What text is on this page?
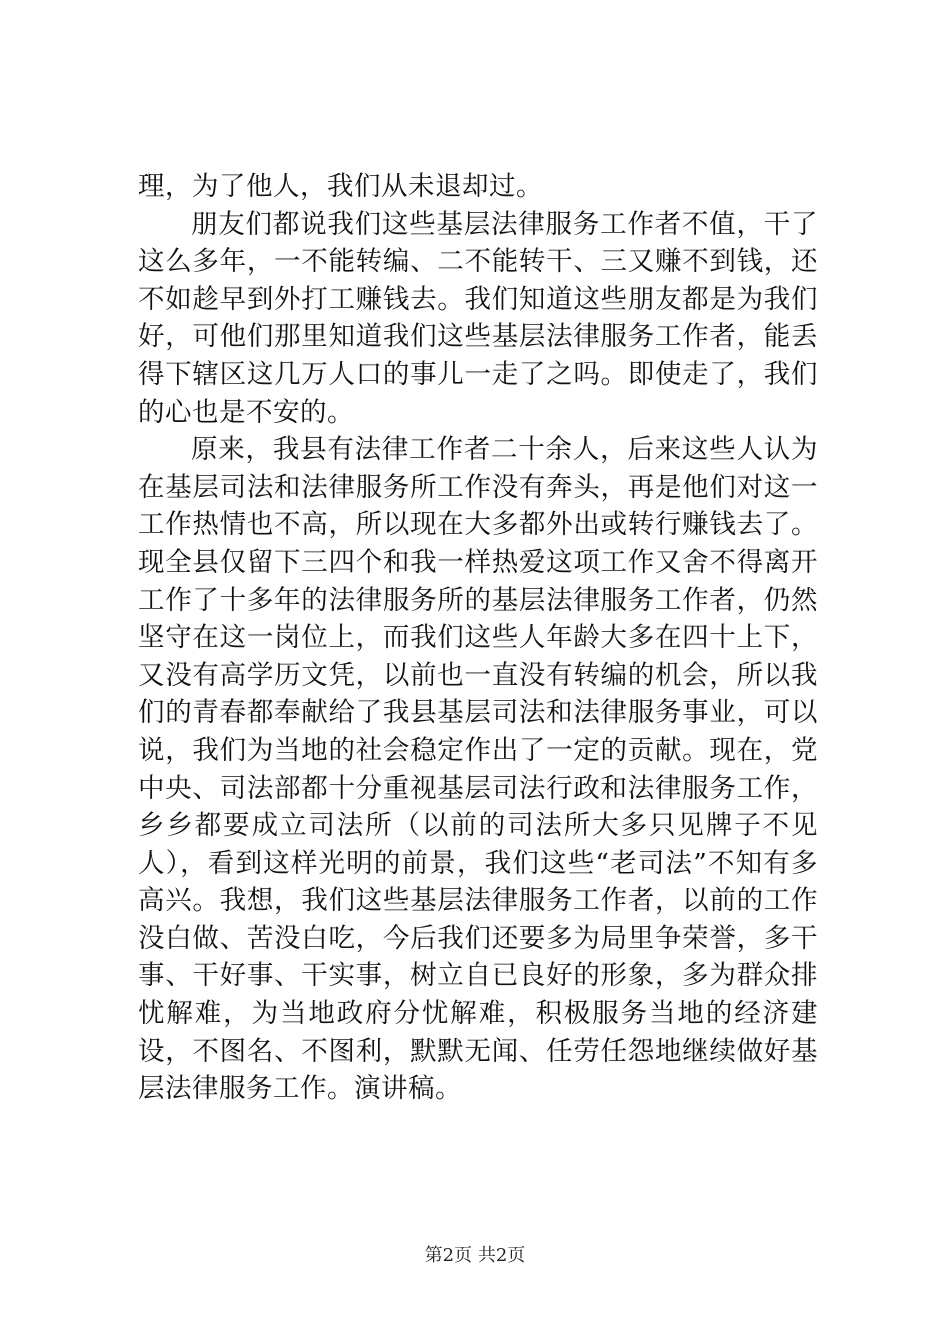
理，为了他人，我们从未退却过。

朋友们都说我们这些基层法律服务工作者不值，干了这么多年，一不能转编、二不能转干、三又赚不到钱，还不如趁早到外打工赚钱去。我们知道这些朋友都是为我们好，可他们那里知道我们这些基层法律服务工作者，能丢得下辖区这几万人口的事儿一走了之吗。即使走了，我们的心也是不安的。

原来，我县有法律工作者二十余人，后来这些人认为在基层司法和法律服务所工作没有奔头，再是他们对这一工作热情也不高，所以现在大多都外出或转行赚钱去了。现全县仅留下三四个和我一样热爱这项工作又舍不得离开工作了十多年的法律服务所的基层法律服务工作者，仍然坚守在这一岗位上，而我们这些人年龄大多在四十上下，又没有高学历文凭，以前也一直没有转编的机会，所以我们的青春都奉献给了我县基层司法和法律服务事业，可以说，我们为当地的社会稳定作出了一定的贡献。现在，党中央、司法部都十分重视基层司法行政和法律服务工作，乡乡都要成立司法所（以前的司法所大多只见牌子不见人），看到这样光明的前景，我们这些“老司法”不知有多高兴。我想，我们这些基层法律服务工作者，以前的工作没白做、苦没白吃，今后我们还要多为局里争荣誉，多干事、干好事、干实事，树立自已良好的形象，多为群众排忧解难，为当地政府分忧解难，积极服务当地的经济建设，不图名、不图利，默默无闻、任劳任怨地继续做好基层法律服务工作。演讲稿。

第2页 共2页
